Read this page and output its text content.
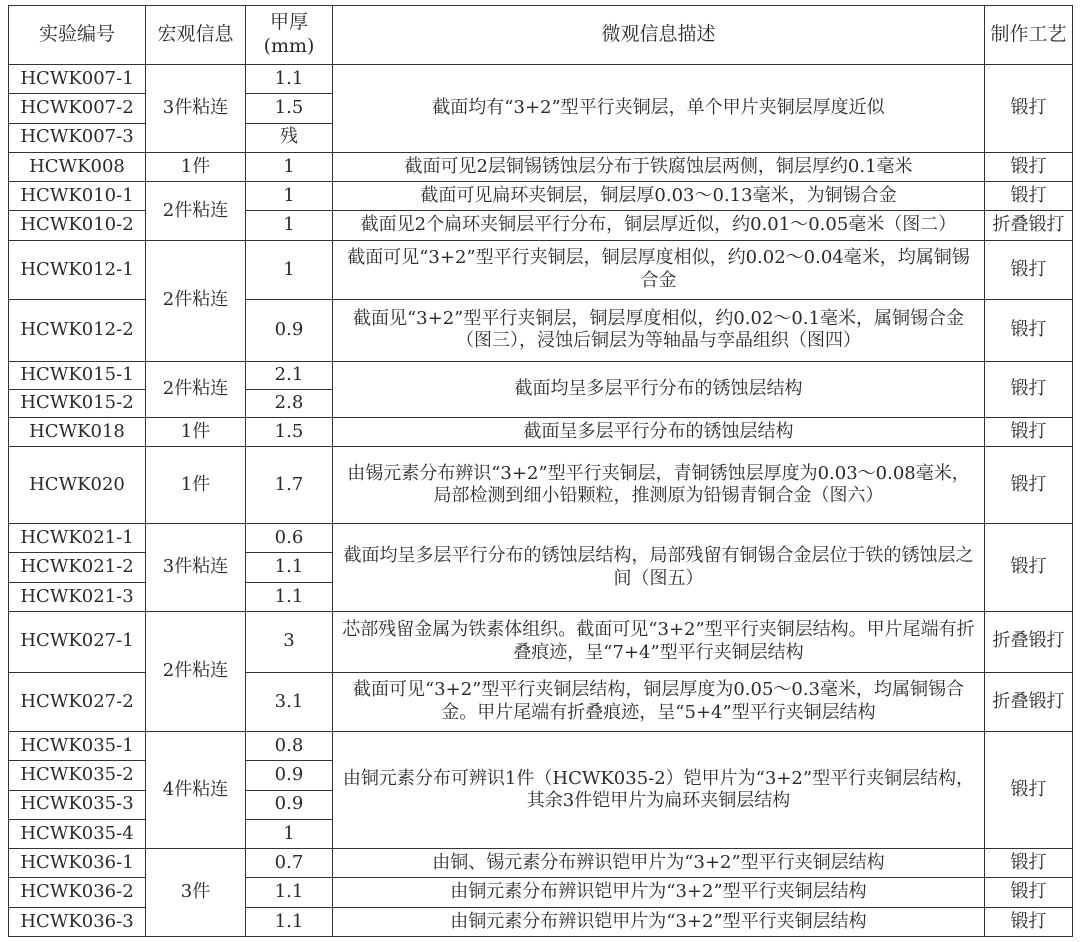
实验编号	宏观信息	甲厚(mm)	微观信息描述	制作工艺
HCWK007-1	3件粘连	1.1	截面均有“3+2”型平行夹铜层，单个甲片夹铜层厚度近似	锻打
HCWK007-2		1.5		
HCWK007-3		残		
HCWK008	1件	1	截面可见2层铜锡锈蚀层分布于铁腐蚀层两侧，铜层厚约0.1毫米	锻打
HCWK010-1	2件粘连	1	截面可见扁环夹铜层，铜层厚0.03～0.13毫米，为铜锡合金	锻打
HCWK010-2		1	截面见2个扁环夹铜层平行分布，铜层厚近似，约0.01～0.05毫米（图二）	折叠锻打
HCWK012-1	2件粘连	1	截面可见“3+2”型平行夹铜层，铜层厚度相似，约0.02～0.04毫米，均属铜锡合金	锻打
HCWK012-2		0.9	截面见“3+2”型平行夹铜层，铜层厚度相似，约0.02～0.1毫米，属铜锡合金（图三），浸蚀后铜层为等轴晶与孪晶组织（图四）	锻打
HCWK015-1	2件粘连	2.1	截面均呈多层平行分布的锈蚀层结构	锻打
HCWK015-2		2.8		
HCWK018	1件	1.5	截面呈多层平行分布的锈蚀层结构	锻打
HCWK020	1件	1.7	由锡元素分布辨识“3+2”型平行夹铜层，青铜锈蚀层厚度为0.03～0.08毫米，局部检测到细小铅颗粒，推测原为铅锡青铜合金（图六）	锻打
HCWK021-1	3件粘连	0.6	截面均呈多层平行分布的锈蚀层结构，局部残留有铜锡合金层位于铁的锈蚀层之间（图五）	锻打
HCWK021-2		1.1		
HCWK021-3		1.1		
HCWK027-1	2件粘连	3	芯部残留金属为铁素体组织。截面可见“3+2”型平行夹铜层结构。甲片尾端有折叠痕迹，呈“7+4”型平行夹铜层结构	折叠锻打
HCWK027-2		3.1	截面可见“3+2”型平行夹铜层结构，铜层厚度为0.05～0.3毫米，均属铜锡合金。甲片尾端有折叠痕迹，呈“5+4”型平行夹铜层结构	折叠锻打
HCWK035-1	4件粘连	0.8	由铜元素分布可辨识1件（HCWK035-2）铠甲片为“3+2”型平行夹铜层结构，其余3件铠甲片为扁环夹铜层结构	锻打
HCWK035-2		0.9		
HCWK035-3		0.9		
HCWK035-4		1		
HCWK036-1	3件	0.7	由铜、锡元素分布辨识铠甲片为“3+2”型平行夹铜层结构	锻打
HCWK036-2		1.1	由铜元素分布辨识铠甲片为“3+2”型平行夹铜层结构	锻打
HCWK036-3		1.1	由铜元素分布辨识铠甲片为“3+2”型平行夹铜层结构	锻打
